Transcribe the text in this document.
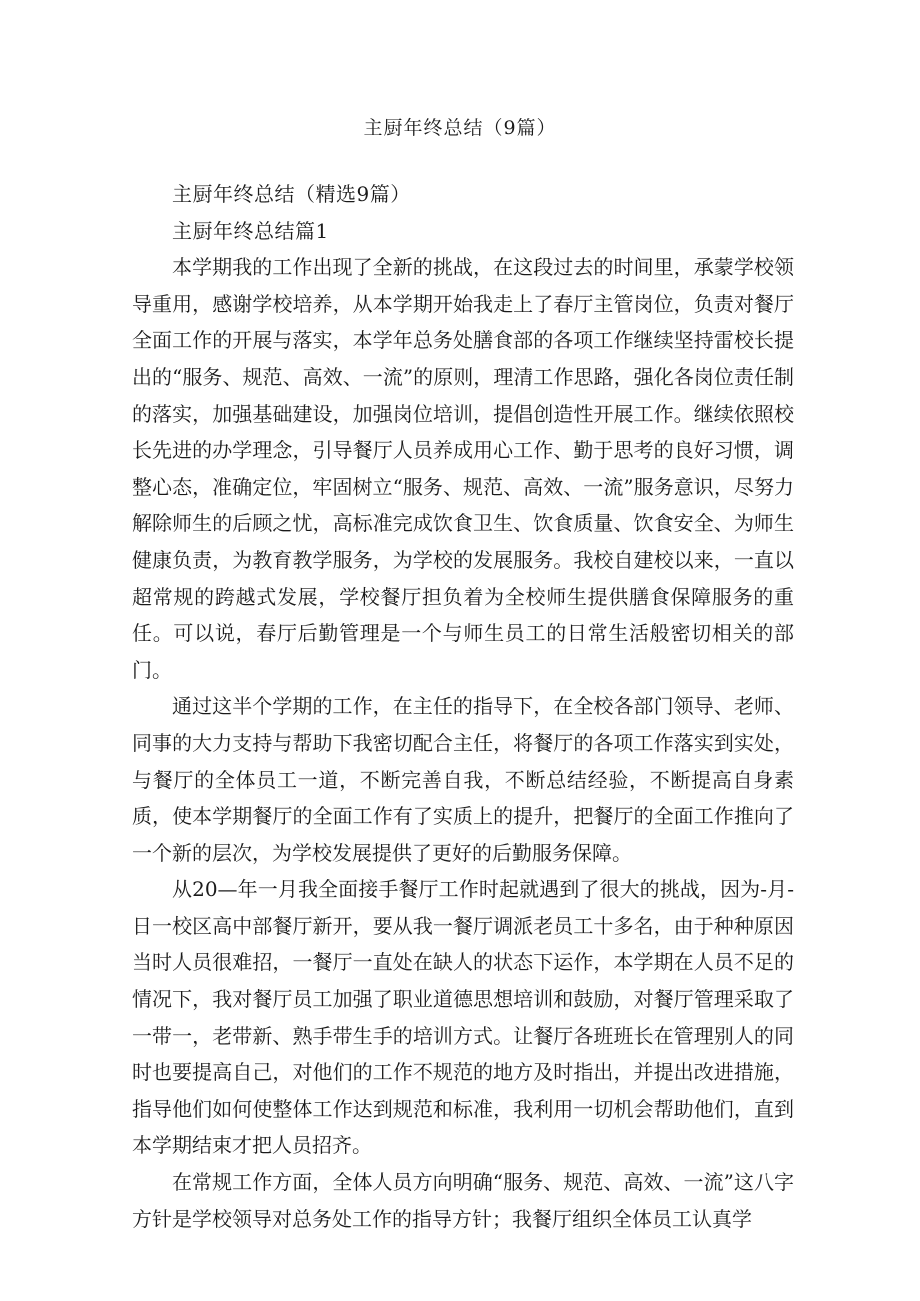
主厨年终总结（9篇）

主厨年终总结（精选9篇）

主厨年终总结篇1

本学期我的工作出现了全新的挑战，在这段过去的时间里，承蒙学校领导重用，感谢学校培养，从本学期开始我走上了春厅主管岗位，负责对餐厅全面工作的开展与落实，本学年总务处膳食部的各项工作继续坚持雷校长提出的“服务、规范、高效、一流”的原则，理清工作思路，强化各岗位责任制的落实，加强基础建设，加强岗位培训，提倡创造性开展工作。继续依照校长先进的办学理念，引导餐厅人员养成用心工作、勤于思考的良好习惯，调整心态，准确定位，牢固树立“服务、规范、高效、一流”服务意识，尽努力解除师生的后顾之忧，高标准完成饮食卫生、饮食质量、饮食安全、为师生健康负责，为教育教学服务，为学校的发展服务。我校自建校以来，一直以超常规的跨越式发展，学校餐厅担负着为全校师生提供膳食保障服务的重任。可以说，春厅后勤管理是一个与师生员工的日常生活般密切相关的部门。

通过这半个学期的工作，在主任的指导下，在全校各部门领导、老师、同事的大力支持与帮助下我密切配合主任，将餐厅的各项工作落实到实处，与餐厅的全体员工一道，不断完善自我，不断总结经验，不断提高自身素质，使本学期餐厅的全面工作有了实质上的提升，把餐厅的全面工作推向了一个新的层次，为学校发展提供了更好的后勤服务保障。

从20—年一月我全面接手餐厅工作时起就遇到了很大的挑战，因为-月-日一校区高中部餐厅新开，要从我一餐厅调派老员工十多名，由于种种原因当时人员很难招，一餐厅一直处在缺人的状态下运作，本学期在人员不足的情况下，我对餐厅员工加强了职业道德思想培训和鼓励，对餐厅管理采取了一带一，老带新、熟手带生手的培训方式。让餐厅各班班长在管理别人的同时也要提高自己，对他们的工作不规范的地方及时指出，并提出改进措施，指导他们如何使整体工作达到规范和标准，我利用一切机会帮助他们，直到本学期结束才把人员招齐。

在常规工作方面，全体人员方向明确“服务、规范、高效、一流”这八字方针是学校领导对总务处工作的指导方针；我餐厅组织全体员工认真学
